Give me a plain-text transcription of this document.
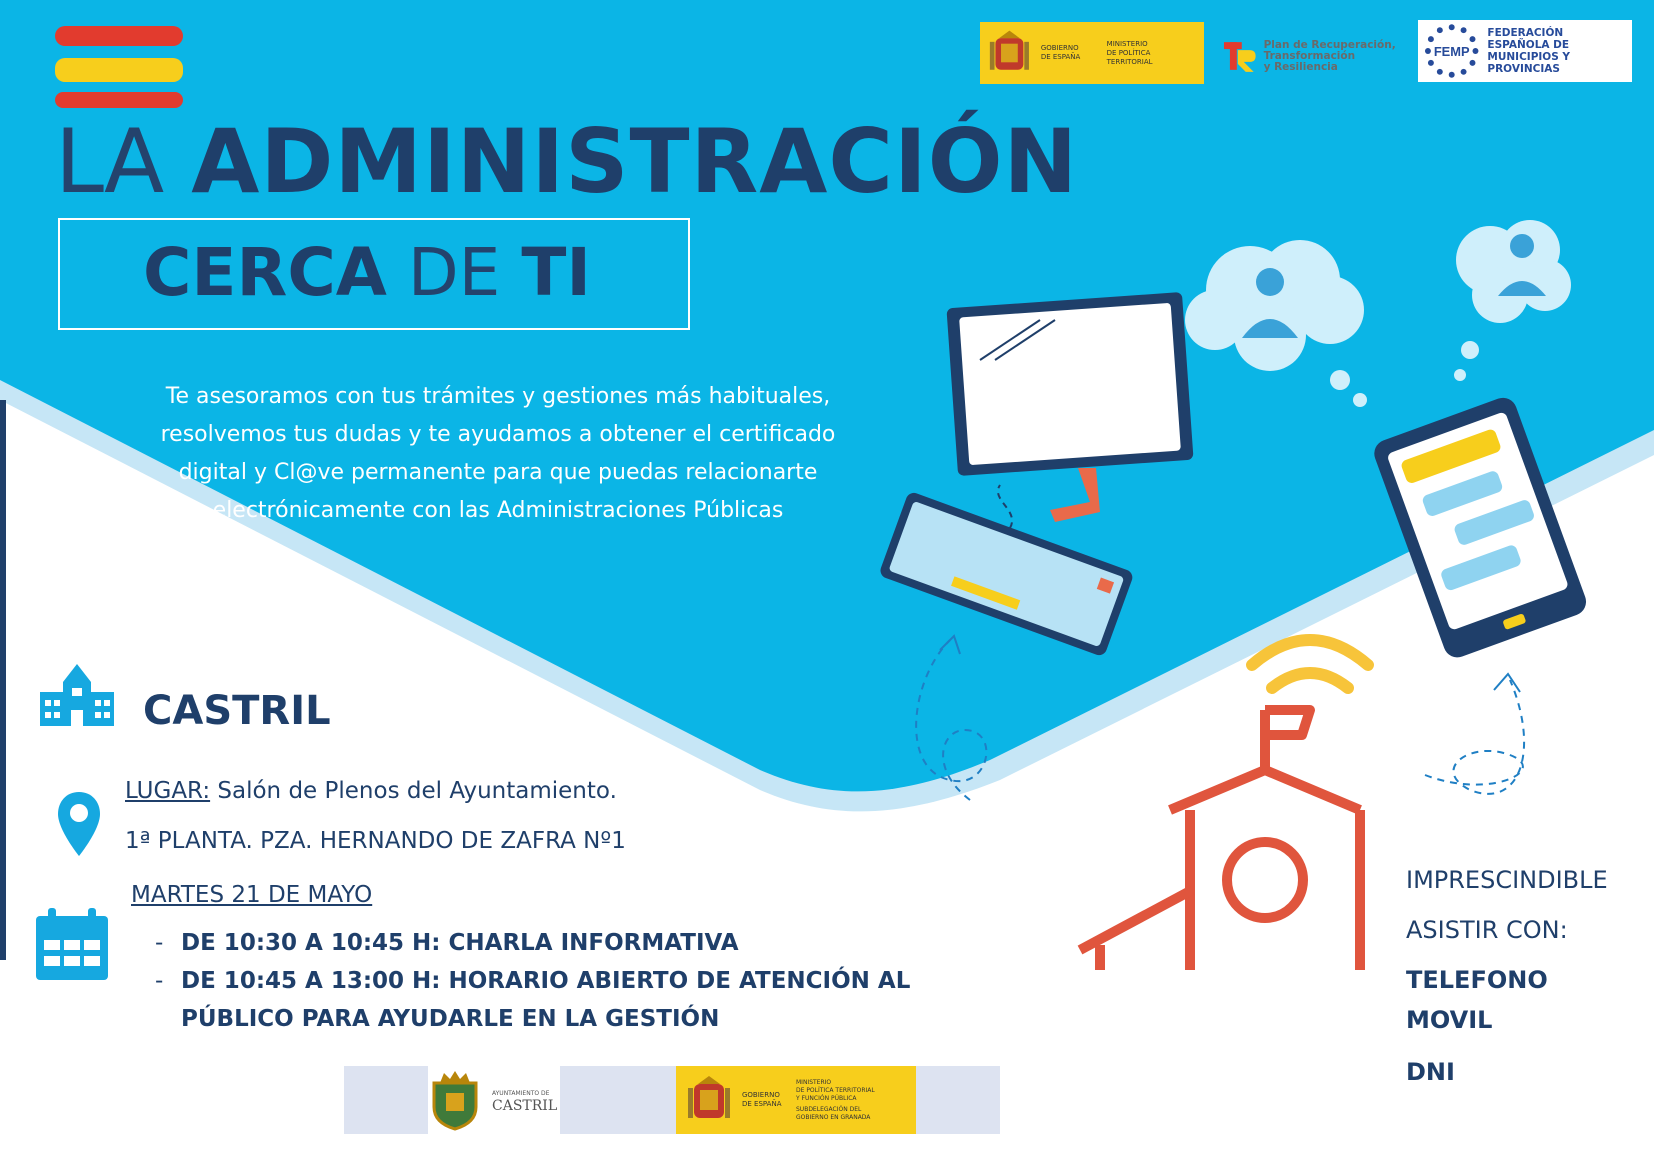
LA ADMINISTRACIÓN
CERCA DE TI
GOBIERNO
DE ESPAÑA
MINISTERIO
DE POLÍTICA TERRITORIAL
Plan de Recuperación,
Transformación
y Resiliencia
FEMP
FEDERACIÓN ESPAÑOLA DE
MUNICIPIOS Y PROVINCIAS
Te asesoramos con tus trámites y gestiones más habituales,
resolvemos tus dudas y te ayudamos a obtener el certificado
digital y Cl@ve permanente para que puedas relacionarte
electrónicamente con las Administraciones Públicas
CASTRIL
LUGAR: Salón de Plenos del Ayuntamiento.
1ª PLANTA. PZA. HERNANDO DE ZAFRA Nº1
MARTES 21 DE MAYO
- DE 10:30 A 10:45 H: CHARLA INFORMATIVA
- DE 10:45 A 13:00 H: HORARIO ABIERTO DE ATENCIÓN AL
PÚBLICO PARA AYUDARLE EN LA GESTIÓN
IMPRESCINDIBLE
ASISTIR CON:
TELEFONO
MOVIL
DNI
AYUNTAMIENTO DE
CASTRIL
GOBIERNO
DE ESPAÑA
MINISTERIO
DE POLÍTICA TERRITORIAL
Y FUNCIÓN PÚBLICA
SUBDELEGACIÓN DEL
GOBIERNO EN GRANADA
